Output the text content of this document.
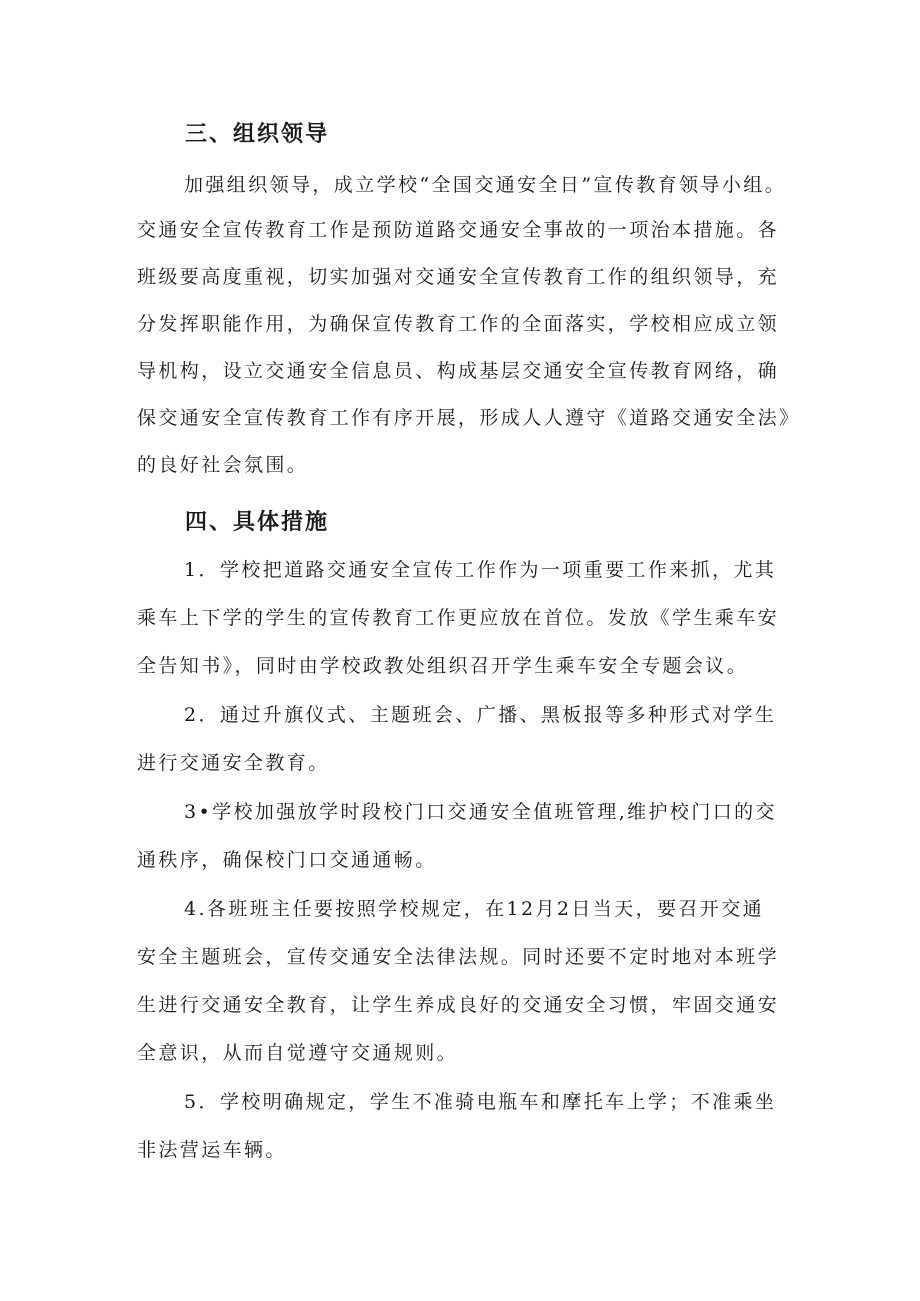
三、组织领导
加强组织领导，成立学校“全国交通安全日”宣传教育领导小组。
交通安全宣传教育工作是预防道路交通安全事故的一项治本措施。各
班级要高度重视，切实加强对交通安全宣传教育工作的组织领导，充
分发挥职能作用，为确保宣传教育工作的全面落实，学校相应成立领
导机构，设立交通安全信息员、构成基层交通安全宣传教育网络，确
保交通安全宣传教育工作有序开展，形成人人遵守《道路交通安全法》
的良好社会氛围。
四、具体措施
1．学校把道路交通安全宣传工作作为一项重要工作来抓，尤其
乘车上下学的学生的宣传教育工作更应放在首位。发放《学生乘车安
全告知书》，同时由学校政教处组织召开学生乘车安全专题会议。
2．通过升旗仪式、主题班会、广播、黑板报等多种形式对学生
进行交通安全教育。
3•学校加强放学时段校门口交通安全值班管理,维护校门口的交
通秩序，确保校门口交通通畅。
4.各班班主任要按照学校规定，在12月2日当天，要召开交通
安全主题班会，宣传交通安全法律法规。同时还要不定时地对本班学
生进行交通安全教育，让学生养成良好的交通安全习惯，牢固交通安
全意识，从而自觉遵守交通规则。
5．学校明确规定，学生不准骑电瓶车和摩托车上学；不准乘坐
非法营运车辆。
